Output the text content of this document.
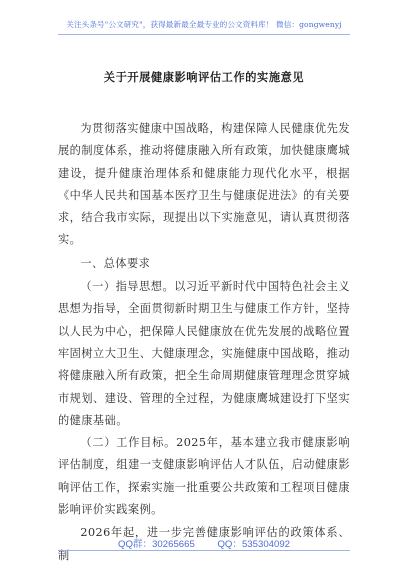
关注头条号"公文研究"，获得最新最全最专业的公文资料库！ 微信：gongwenyj
关于开展健康影响评估工作的实施意见

为贯彻落实健康中国战略，构建保障人民健康优先发展的制度体系，推动将健康融入所有政策，加快健康鹰城建设，提升健康治理体系和健康能力现代化水平，根据《中华人民共和国基本医疗卫生与健康促进法》的有关要求，结合我市实际，现提出以下实施意见，请认真贯彻落实。

一、总体要求

（一）指导思想。以习近平新时代中国特色社会主义思想为指导，全面贯彻新时期卫生与健康工作方针，坚持以人民为中心，把保障人民健康放在优先发展的战略位置牢固树立大卫生、大健康理念，实施健康中国战略，推动将健康融入所有政策，把全生命周期健康管理理念贯穿城市规划、建设、管理的全过程，为健康鹰城建设打下坚实的健康基础。

（二）工作目标。2025年，基本建立我市健康影响评估制度，组建一支健康影响评估人才队伍，启动健康影响评估工作，探索实施一批重要公共政策和工程项目健康影响评价实践案例。

2026年起，进一步完善健康影响评估的政策体系、制

QQ群：30265665 QQ：535304092
